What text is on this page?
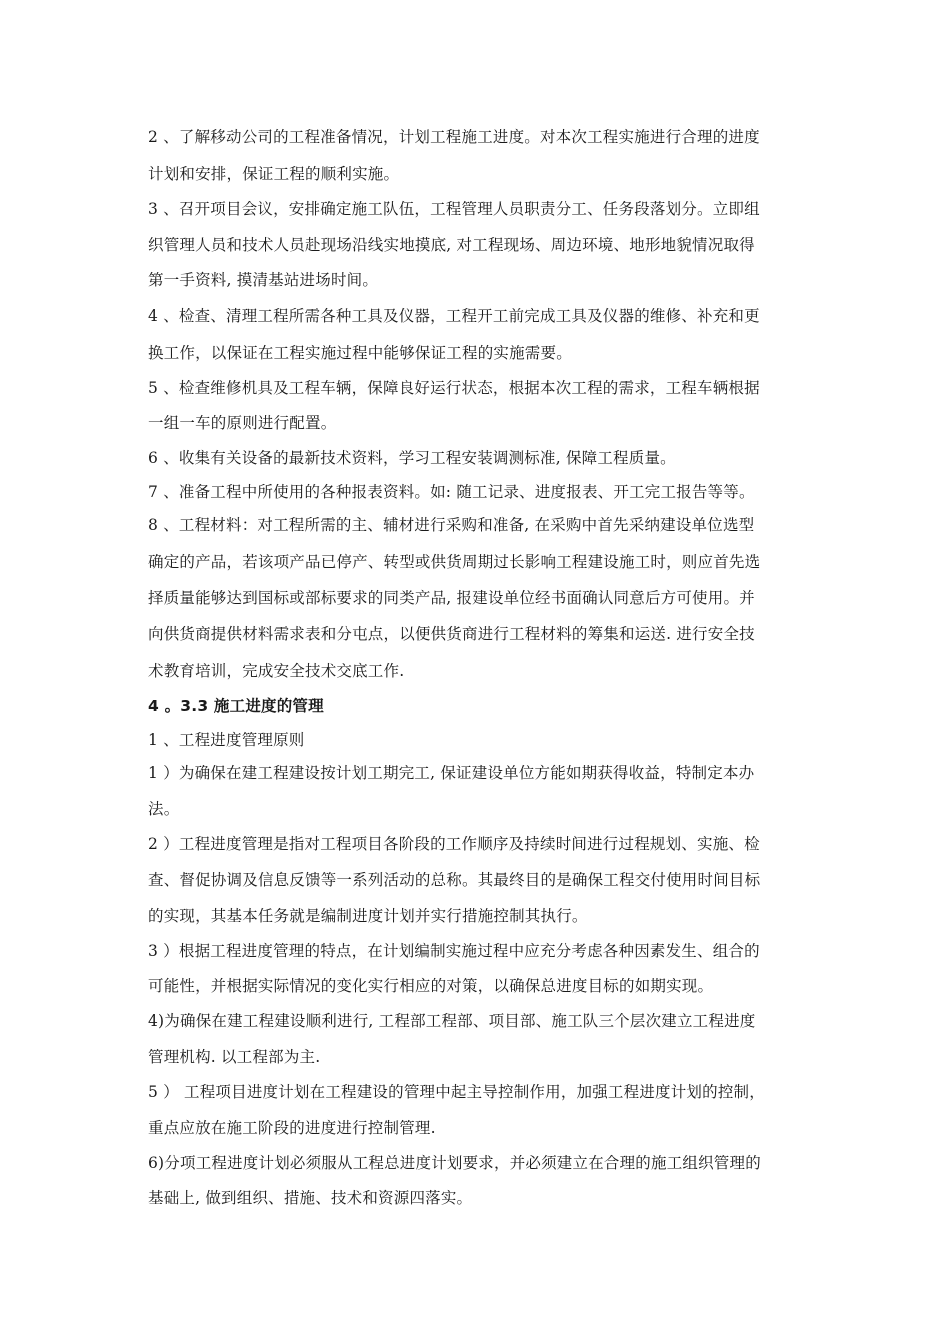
2 、了解移动公司的工程准备情况，计划工程施工进度。对本次工程实施进行合理的进度
计划和安排，保证工程的顺利实施。
3 、召开项目会议，安排确定施工队伍，工程管理人员职责分工、任务段落划分。立即组
织管理人员和技术人员赴现场沿线实地摸底, 对工程现场、周边环境、地形地貌情况取得
第一手资料, 摸清基站进场时间。
4 、检查、清理工程所需各种工具及仪器，工程开工前完成工具及仪器的维修、补充和更
换工作，以保证在工程实施过程中能够保证工程的实施需要。
5 、检查维修机具及工程车辆，保障良好运行状态，根据本次工程的需求，工程车辆根据
一组一车的原则进行配置。
6 、收集有关设备的最新技术资料，学习工程安装调测标准, 保障工程质量。
7 、准备工程中所使用的各种报表资料。如: 随工记录、进度报表、开工完工报告等等。
8 、工程材料：对工程所需的主、辅材进行采购和准备, 在采购中首先采纳建设单位选型
确定的产品，若该项产品已停产、转型或供货周期过长影响工程建设施工时，则应首先选
择质量能够达到国标或部标要求的同类产品, 报建设单位经书面确认同意后方可使用。并
向供货商提供材料需求表和分屯点，以便供货商进行工程材料的筹集和运送. 进行安全技
术教育培训，完成安全技术交底工作.
4 。3.3 施工进度的管理
1 、工程进度管理原则
1 ）为确保在建工程建设按计划工期完工, 保证建设单位方能如期获得收益，特制定本办
法。
2 ）工程进度管理是指对工程项目各阶段的工作顺序及持续时间进行过程规划、实施、检
查、督促协调及信息反馈等一系列活动的总称。其最终目的是确保工程交付使用时间目标
的实现，其基本任务就是编制进度计划并实行措施控制其执行。
3 ）根据工程进度管理的特点，在计划编制实施过程中应充分考虑各种因素发生、组合的
可能性，并根据实际情况的变化实行相应的对策，以确保总进度目标的如期实现。
4)为确保在建工程建设顺利进行, 工程部工程部、项目部、施工队三个层次建立工程进度
管理机构. 以工程部为主.
5 ） 工程项目进度计划在工程建设的管理中起主导控制作用，加强工程进度计划的控制，
重点应放在施工阶段的进度进行控制管理.
6)分项工程进度计划必须服从工程总进度计划要求，并必须建立在合理的施工组织管理的
基础上, 做到组织、措施、技术和资源四落实。
